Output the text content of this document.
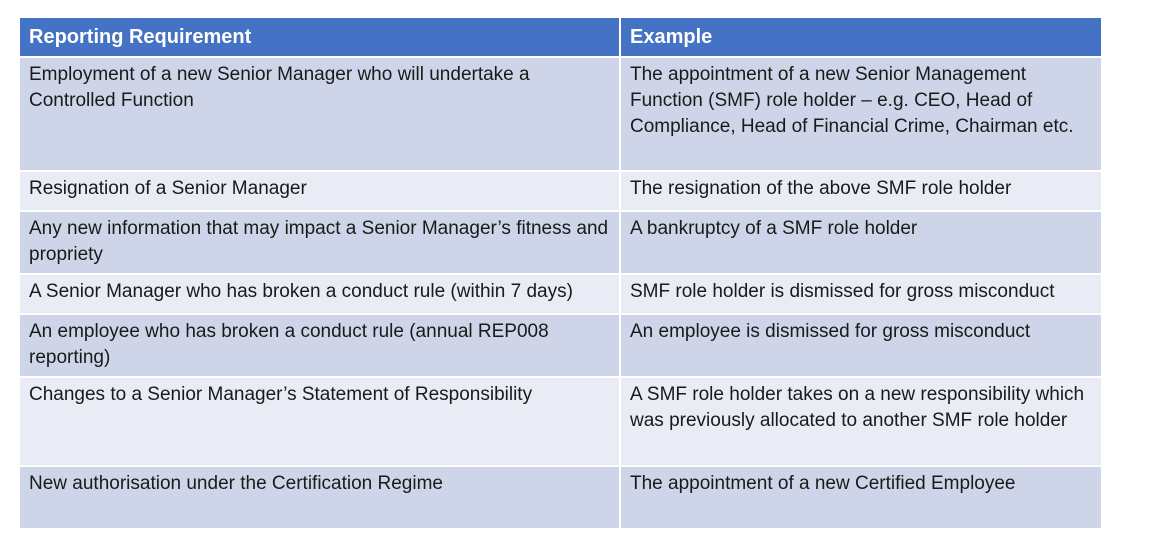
Reporting Requirement	Example
Employment of a new Senior Manager who will undertake a Controlled Function	The appointment of a new Senior Management Function (SMF) role holder – e.g. CEO, Head of Compliance, Head of Financial Crime, Chairman etc.
Resignation of a Senior Manager	The resignation of the above SMF role holder
Any new information that may impact a Senior Manager’s fitness and propriety	A bankruptcy of a SMF role holder
A Senior Manager who has broken a conduct rule (within 7 days)	SMF role holder is dismissed for gross misconduct
An employee who has broken a conduct rule (annual REP008 reporting)	An employee is dismissed for gross misconduct
Changes to a Senior Manager’s Statement of Responsibility	A SMF role holder takes on a new responsibility which was previously allocated to another SMF role holder
New authorisation under the Certification Regime	The appointment of a new Certified Employee
